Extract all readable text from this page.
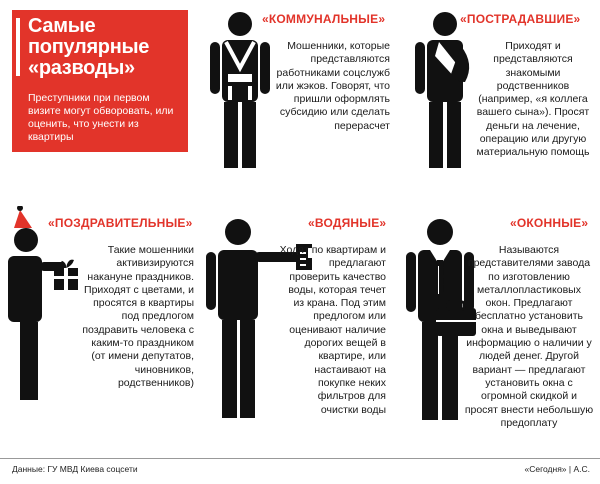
Самые популярные «разводы»
Преступники при первом визите могут обворовать, или оценить, что унести из квартиры
«КОММУНАЛЬНЫЕ»
Мошенники, которые представляются работниками соцслужб или жэков. Говорят, что пришли оформлять субсидию или сделать перерасчет
«ПОСТРАДАВШИЕ»
Приходят и представляются знакомыми родственников (например, «я коллега вашего сына»). Просят деньги на лечение, операцию или другую материальную помощь
«ПОЗДРАВИТЕЛЬНЫЕ»
Такие мошенники активизируются накануне праздников. Приходят с цветами, и просятся в квартиры под предлогом поздравить человека с каким-то праздником (от имени депутатов, чиновников, родственников)
«ВОДЯНЫЕ»
Ходят по квартирам и предлагают проверить качество воды, которая течет из крана. Под этим предлогом или оценивают наличие дорогих вещей в квартире, или настаивают на покупке неких фильтров для очистки воды
«ОКОННЫЕ»
Называются представителями завода по изготовлению металлопластиковых окон. Предлагают бесплатно установить окна и выведывают информацию о наличии у людей денег. Другой вариант — предлагают установить окна с огромной скидкой и просят внести небольшую предоплату
Данные: ГУ МВД Киева соцсети	«Сегодня» | А.С.
